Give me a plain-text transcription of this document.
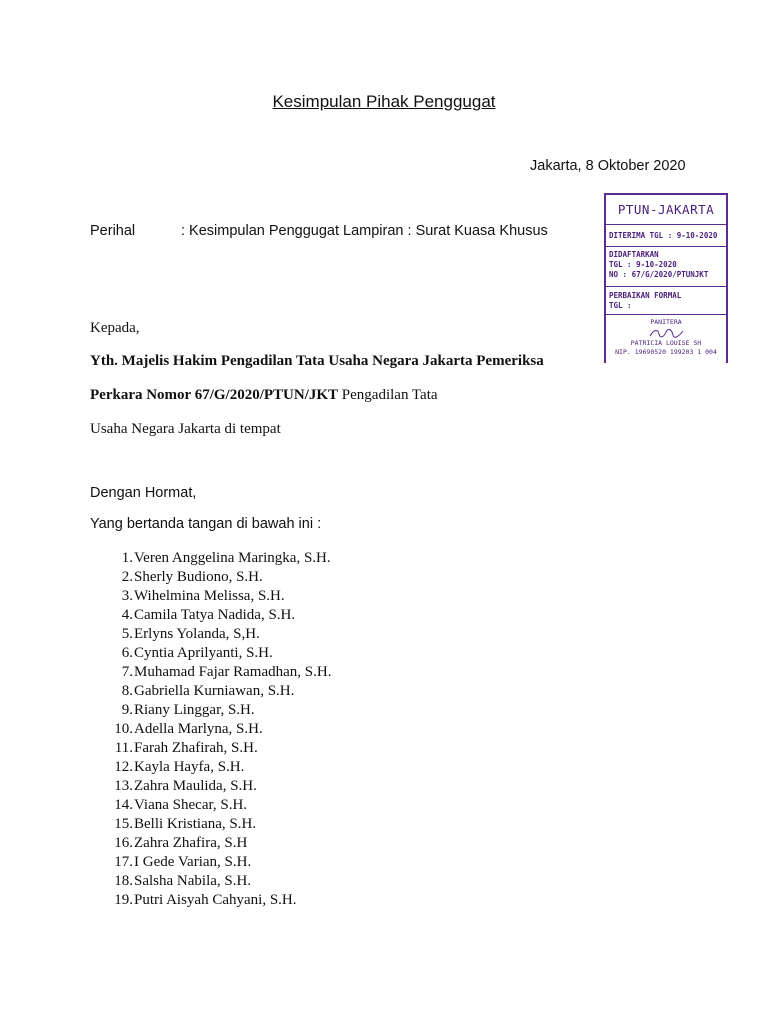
Kesimpulan Pihak Penggugat
Jakarta, 8 Oktober 2020
Perihal	: Kesimpulan Penggugat Lampiran : Surat Kuasa Khusus
Kepada,
Yth. Majelis Hakim Pengadilan Tata Usaha Negara Jakarta Pemeriksa
Perkara Nomor 67/G/2020/PTUN/JKT Pengadilan Tata
Usaha Negara Jakarta di tempat
Dengan Hormat,
Yang bertanda tangan di bawah ini :
1. Veren Anggelina Maringka, S.H.
2. Sherly Budiono, S.H.
3. Wihelmina Melissa, S.H.
4. Camila Tatya Nadida, S.H.
5. Erlyns Yolanda, S,H.
6. Cyntia Aprilyanti, S.H.
7. Muhamad Fajar Ramadhan, S.H.
8. Gabriella Kurniawan, S.H.
9. Riany Linggar, S.H.
10. Adella Marlyna, S.H.
11. Farah Zhafirah, S.H.
12. Kayla Hayfa, S.H.
13. Zahra Maulida, S.H.
14. Viana Shecar, S.H.
15. Belli Kristiana, S.H.
16. Zahra Zhafira, S.H
17. I Gede Varian, S.H.
18. Salsha Nabila, S.H.
19. Putri Aisyah Cahyani, S.H.
PTUN-JAKARTA
DITERIMA TGL : 9-10-2020
DIDAFTARKAN
TGL : 9-10-2020
NO : 67/G/2020/PTUNJKT
PERBAIKAN FORMAL
TGL :
PANITERA
PATRICIA LOUISE SH
NIP. 19690520 199203 1 004
